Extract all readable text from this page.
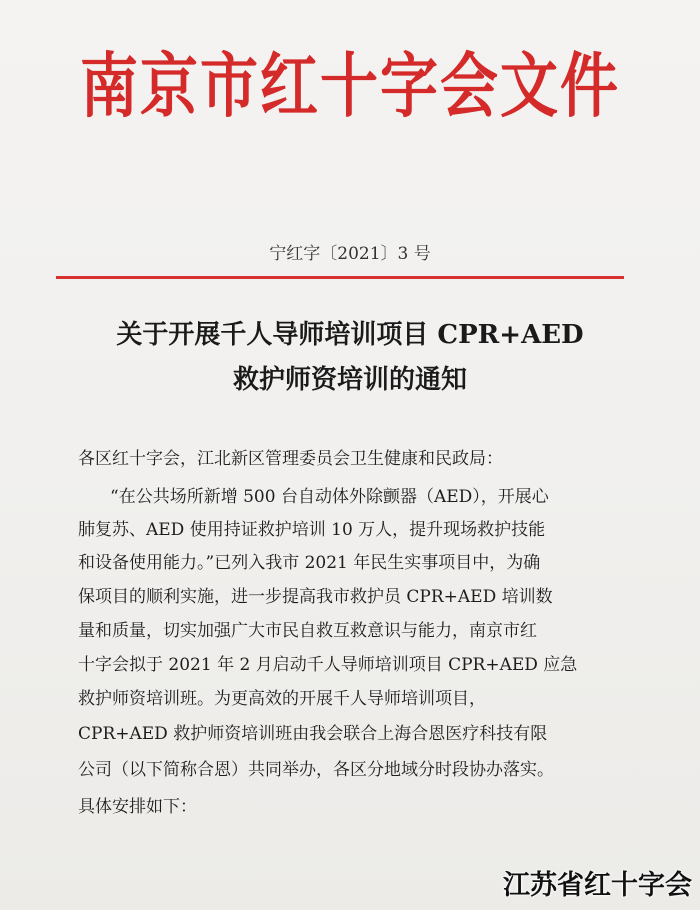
南京市红十字会文件
宁红字〔2021〕3 号
关于开展千人导师培训项目 CPR+AED
救护师资培训的通知
各区红十字会，江北新区管理委员会卫生健康和民政局：
“在公共场所新增 500 台自动体外除颤器（AED），开展心
肺复苏、AED 使用持证救护培训 10 万人，提升现场救护技能
和设备使用能力。”已列入我市 2021 年民生实事项目中，为确
保项目的顺利实施，进一步提高我市救护员 CPR+AED 培训数
量和质量，切实加强广大市民自救互救意识与能力，南京市红
十字会拟于 2021 年 2 月启动千人导师培训项目 CPR+AED 应急
救护师资培训班。为更高效的开展千人导师培训项目，
CPR+AED 救护师资培训班由我会联合上海合恩医疗科技有限
公司（以下简称合恩）共同举办，各区分地域分时段协办落实。
具体安排如下：
江苏省红十字会
